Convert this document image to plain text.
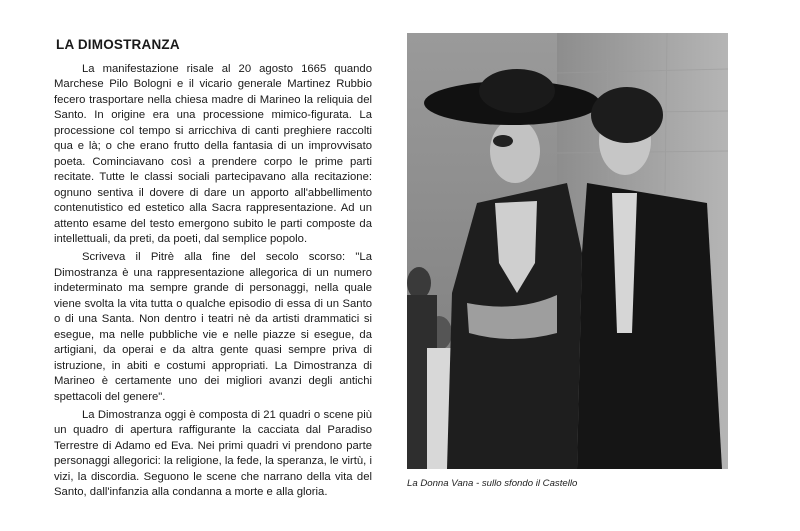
LA DIMOSTRANZA

La manifestazione risale al 20 agosto 1665 quando Marchese Pilo Bologni e il vicario generale Martinez Rubbio fecero trasportare nella chiesa madre di Marineo la reliquia del Santo. In origine era una processione mimico-figurata. La processione col tempo si arricchiva di canti preghiere raccolti qua e là; o che erano frutto della fantasia di un improvvisato poeta. Cominciavano così a prendere corpo le prime parti recitate. Tutte le classi sociali partecipavano alla recitazione: ognuno sentiva il dovere di dare un apporto all'abbellimento contenutistico ed estetico alla Sacra rappresentazione. Ad un attento esame del testo emergono subito le parti composte da intellettuali, da preti, da poeti, dal semplice popolo.

Scriveva il Pitrè alla fine del secolo scorso: "La Dimostranza è una rappresentazione allegorica di un numero indeterminato ma sempre grande di personaggi, nella quale viene svolta la vita tutta o qualche episodio di essa di un Santo o di una Santa. Non dentro i teatri nè da artisti drammatici si esegue, ma nelle pubbliche vie e nelle piazze si esegue, da artigiani, da operai e da altra gente quasi sempre priva di istruzione, in abiti e costumi appropriati. La Dimostranza di Marineo è certamente uno dei migliori avanzi degli antichi spettacoli del genere".

La Dimostranza oggi è composta di 21 quadri o scene più un quadro di apertura raffigurante la cacciata dal Paradiso Terrestre di Adamo ed Eva. Nei primi quadri vi prendono parte personaggi allegorici: la religione, la fede, la speranza, le virtù, i vizi, la discordia. Seguono le scene che narrano della vita del Santo, dall'infanzia alla condanna a morte e alla gloria.

La Donna Vana - sullo sfondo il Castello
